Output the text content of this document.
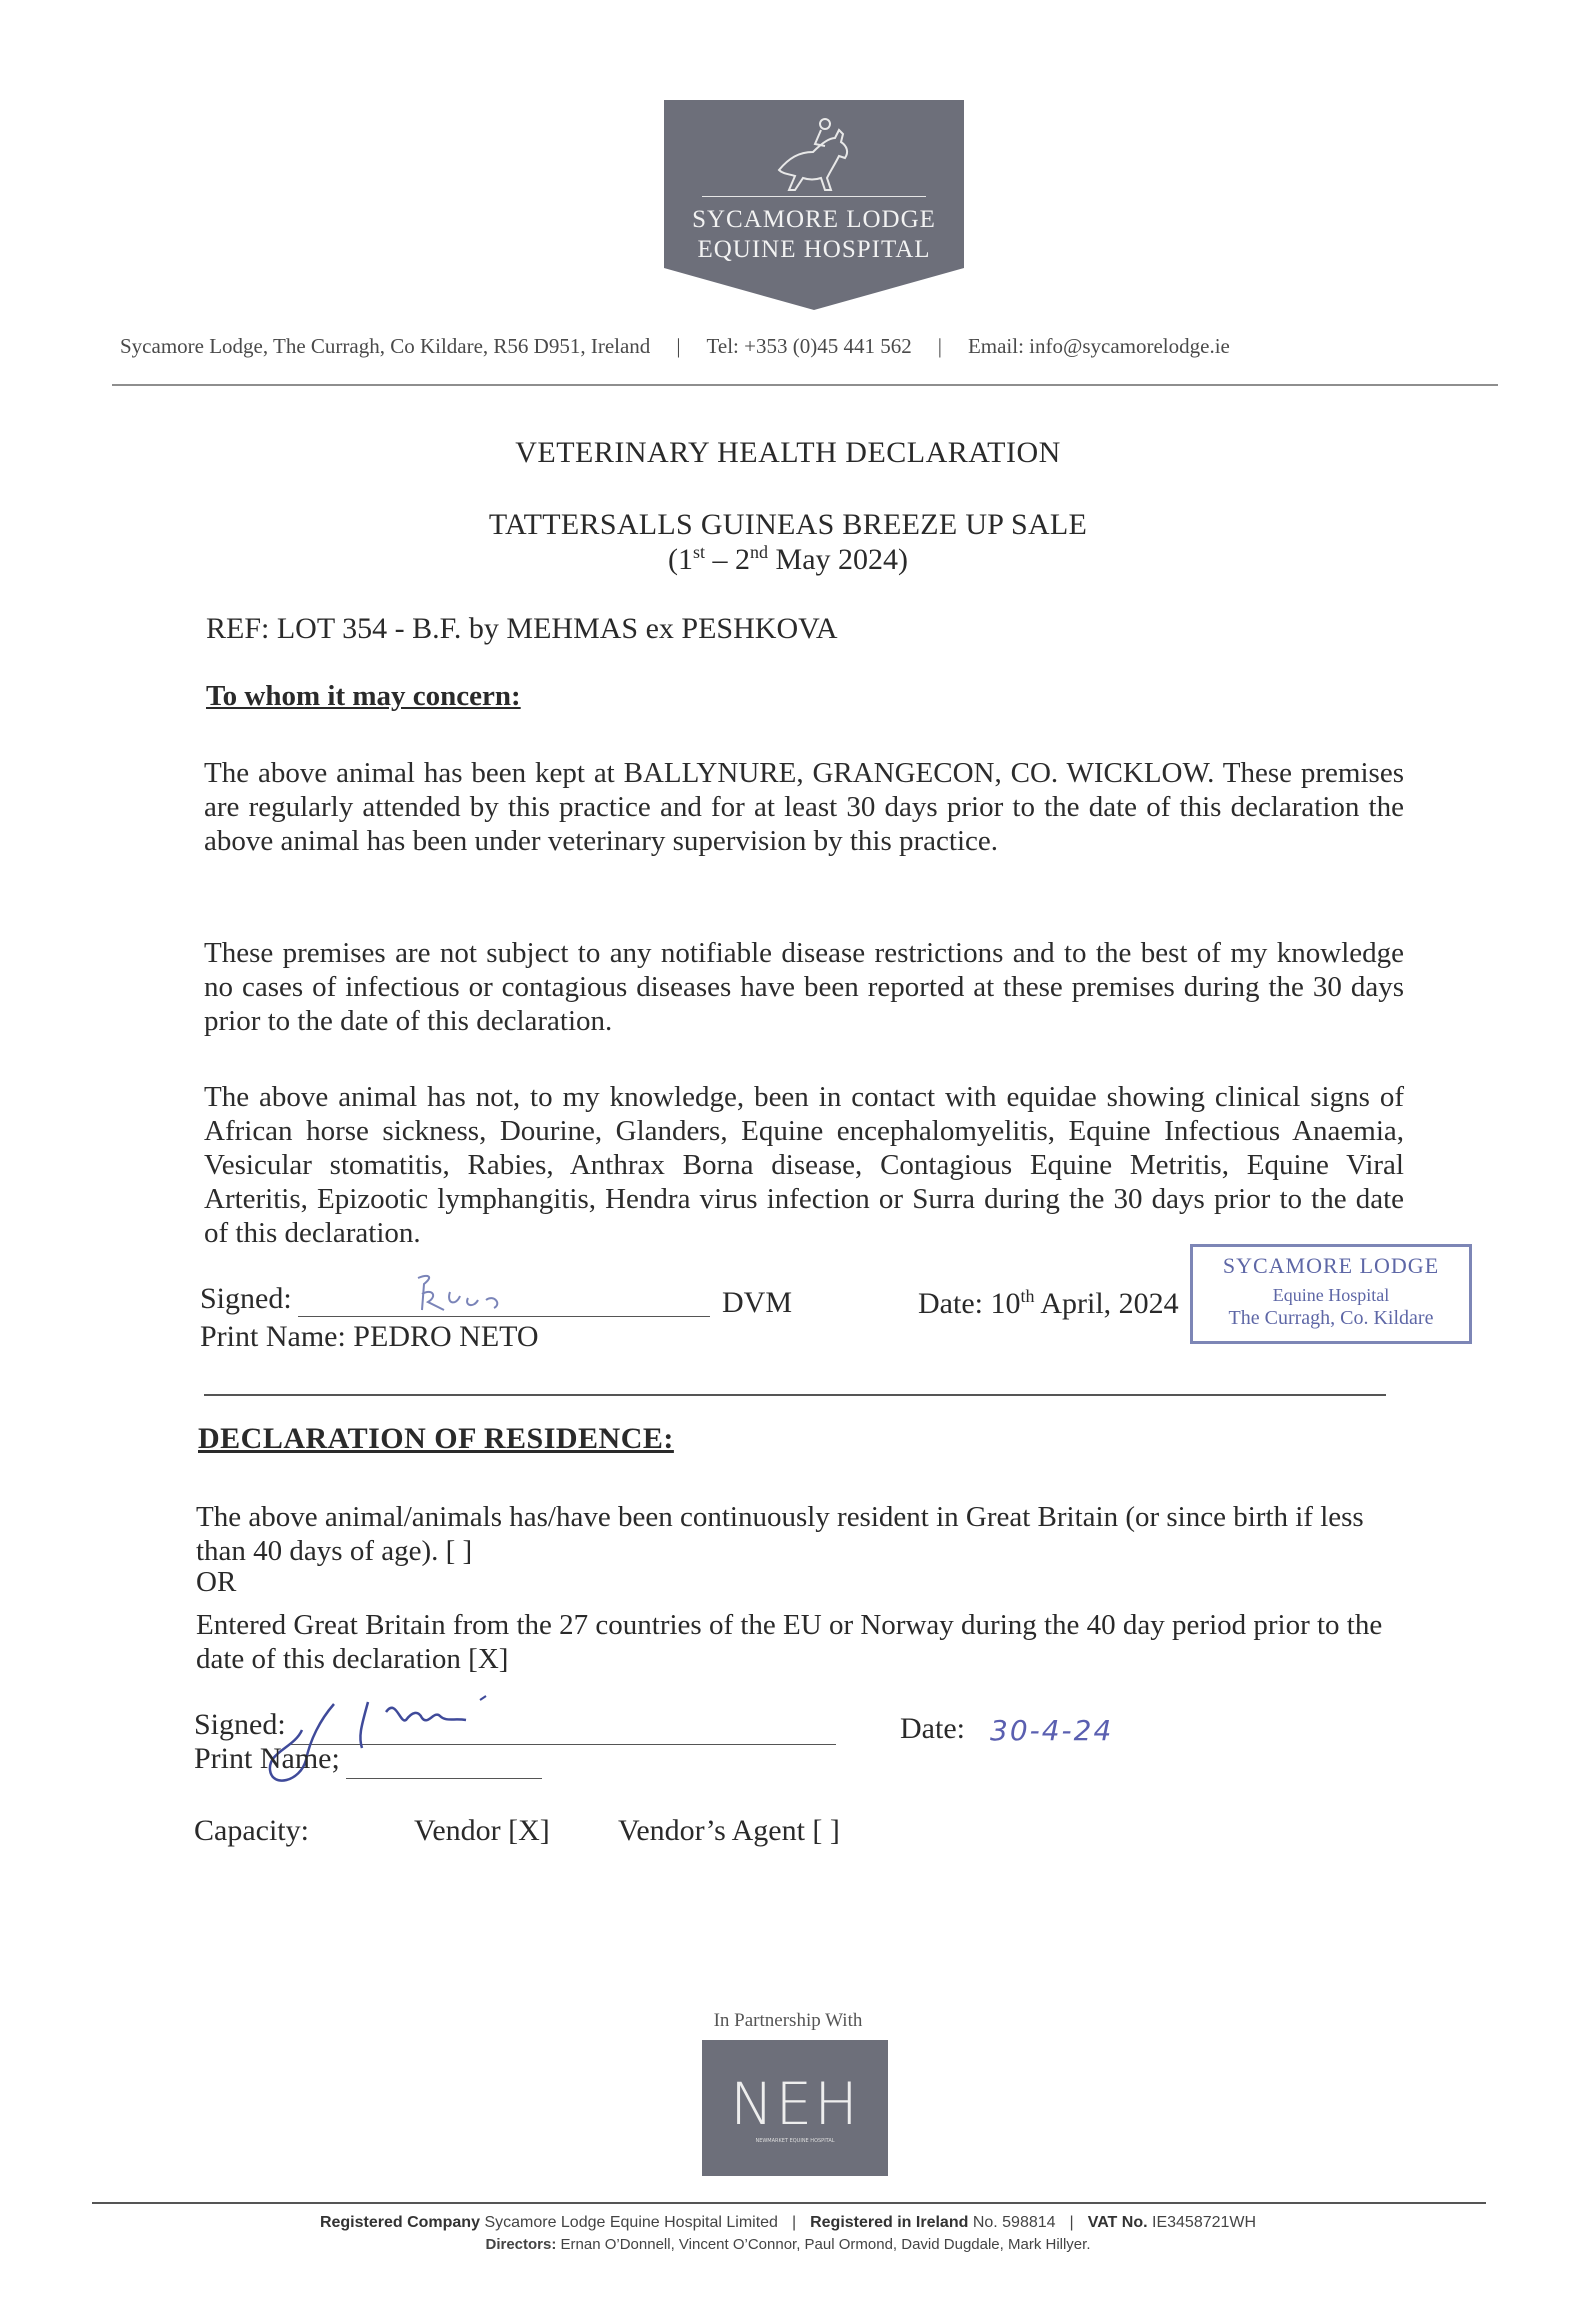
SYCAMORE LODGE
EQUINE HOSPITAL
Sycamore Lodge, The Curragh, Co Kildare, R56 D951, Ireland | Tel: +353 (0)45 441 562 | Email: info@sycamorelodge.ie
VETERINARY HEALTH DECLARATION
TATTERSALLS GUINEAS BREEZE UP SALE
(1st – 2nd May 2024)
REF: LOT 354 - B.F. by MEHMAS ex PESHKOVA
To whom it may concern:
The above animal has been kept at BALLYNURE, GRANGECON, CO. WICKLOW. These premises are regularly attended by this practice and for at least 30 days prior to the date of this declaration the above animal has been under veterinary supervision by this practice.
These premises are not subject to any notifiable disease restrictions and to the best of my knowledge no cases of infectious or contagious diseases have been reported at these premises during the 30 days prior to the date of this declaration.
The above animal has not, to my knowledge, been in contact with equidae showing clinical signs of African horse sickness, Dourine, Glanders, Equine encephalomyelitis, Equine Infectious Anaemia, Vesicular stomatitis, Rabies, Anthrax Borna disease, Contagious Equine Metritis, Equine Viral Arteritis, Epizootic lymphangitis, Hendra virus infection or Surra during the 30 days prior to the date of this declaration.
Signed:	DVM	Date: 10th April, 2024
Print Name: PEDRO NETO
SYCAMORE LODGE
Equine Hospital
The Curragh, Co. Kildare
DECLARATION OF RESIDENCE:
The above animal/animals has/have been continuously resident in Great Britain (or since birth if less than 40 days of age). [ ]
OR
Entered Great Britain from the 27 countries of the EU or Norway during the 40 day period prior to the date of this declaration [X]
Signed:
Print Name;
Date: 30-4-24
Capacity:	Vendor [X] Vendor’s Agent [ ]
In Partnership With
NEH
NEWMARKET EQUINE HOSPITAL
Registered Company Sycamore Lodge Equine Hospital Limited | Registered in Ireland No. 598814 | VAT No. IE3458721WH
Directors: Ernan O’Donnell, Vincent O’Connor, Paul Ormond, David Dugdale, Mark Hillyer.
